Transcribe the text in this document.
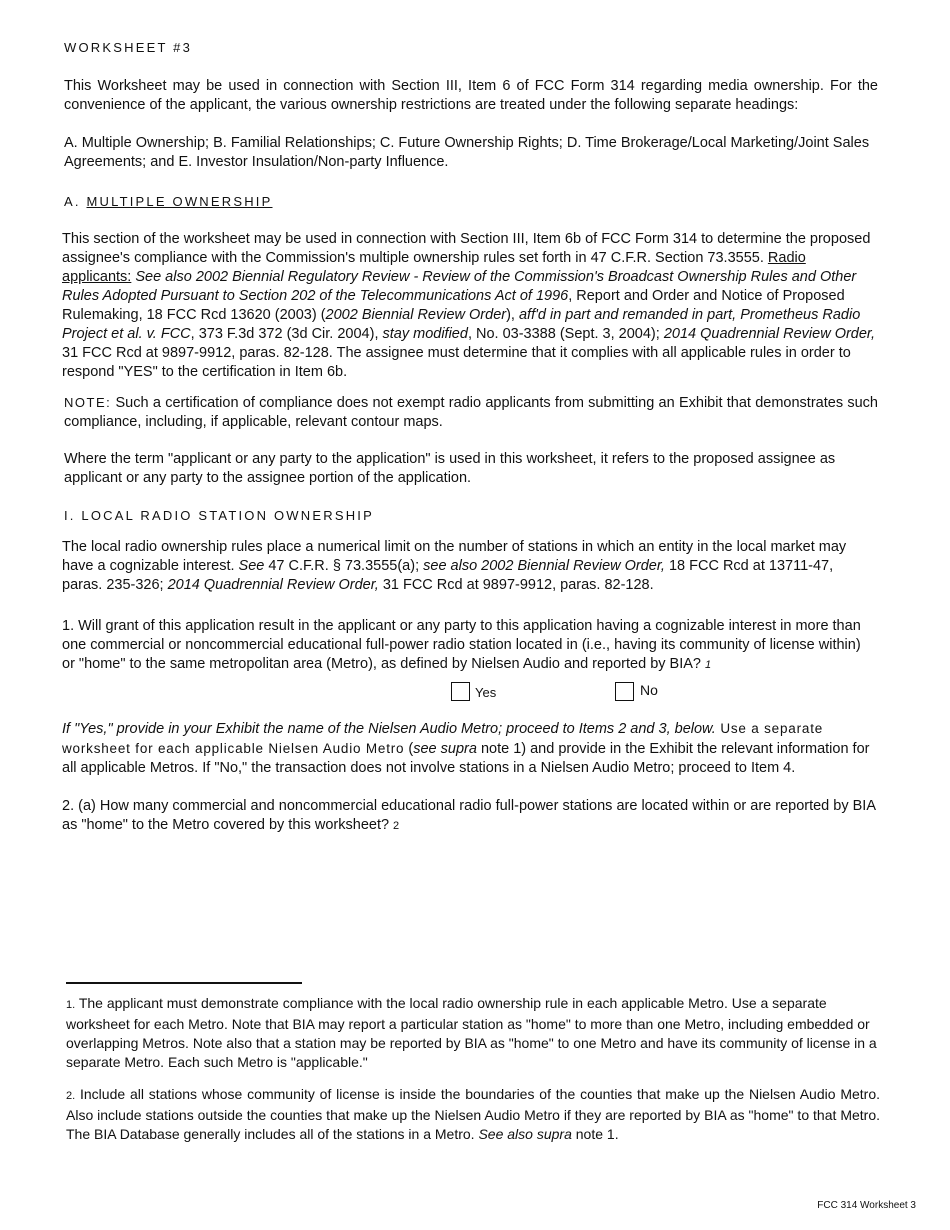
WORKSHEET #3
This Worksheet may be used in connection with Section III, Item 6 of FCC Form 314 regarding media ownership. For the convenience of the applicant, the various ownership restrictions are treated under the following separate headings:
A. Multiple Ownership; B. Familial Relationships; C. Future Ownership Rights; D. Time Brokerage/Local Marketing/Joint Sales Agreements; and E. Investor Insulation/Non-party Influence.
A. MULTIPLE OWNERSHIP
This section of the worksheet may be used in connection with Section III, Item 6b of FCC Form 314 to determine the proposed assignee's compliance with the Commission's multiple ownership rules set forth in 47 C.F.R. Section 73.3555. Radio applicants: See also 2002 Biennial Regulatory Review - Review of the Commission's Broadcast Ownership Rules and Other Rules Adopted Pursuant to Section 202 of the Telecommunications Act of 1996, Report and Order and Notice of Proposed Rulemaking, 18 FCC Rcd 13620 (2003) (2002 Biennial Review Order), aff'd in part and remanded in part, Prometheus Radio Project et al. v. FCC, 373 F.3d 372 (3d Cir. 2004), stay modified, No. 03-3388 (Sept. 3, 2004); 2014 Quadrennial Review Order, 31 FCC Rcd at 9897-9912, paras. 82-128. The assignee must determine that it complies with all applicable rules in order to respond "YES" to the certification in Item 6b.
NOTE: Such a certification of compliance does not exempt radio applicants from submitting an Exhibit that demonstrates such compliance, including, if applicable, relevant contour maps.
Where the term "applicant or any party to the application" is used in this worksheet, it refers to the proposed assignee as applicant or any party to the assignee portion of the application.
I. LOCAL RADIO STATION OWNERSHIP
The local radio ownership rules place a numerical limit on the number of stations in which an entity in the local market may have a cognizable interest. See 47 C.F.R. § 73.3555(a); see also 2002 Biennial Review Order, 18 FCC Rcd at 13711-47, paras. 235-326; 2014 Quadrennial Review Order, 31 FCC Rcd at 9897-9912, paras. 82-128.
1. Will grant of this application result in the applicant or any party to this application having a cognizable interest in more than one commercial or noncommercial educational full-power radio station located in (i.e., having its community of license within) or "home" to the same metropolitan area (Metro), as defined by Nielsen Audio and reported by BIA? 1
Yes	No
If "Yes," provide in your Exhibit the name of the Nielsen Audio Metro; proceed to Items 2 and 3, below. Use a separate worksheet for each applicable Nielsen Audio Metro (see supra note 1) and provide in the Exhibit the relevant information for all applicable Metros. If "No," the transaction does not involve stations in a Nielsen Audio Metro; proceed to Item 4.
2. (a) How many commercial and noncommercial educational radio full-power stations are located within or are reported by BIA as "home" to the Metro covered by this worksheet? 2
1. The applicant must demonstrate compliance with the local radio ownership rule in each applicable Metro. Use a separate worksheet for each Metro. Note that BIA may report a particular station as "home" to more than one Metro, including embedded or overlapping Metros. Note also that a station may be reported by BIA as "home" to one Metro and have its community of license in a separate Metro. Each such Metro is "applicable."
2. Include all stations whose community of license is inside the boundaries of the counties that make up the Nielsen Audio Metro. Also include stations outside the counties that make up the Nielsen Audio Metro if they are reported by BIA as "home" to that Metro. The BIA Database generally includes all of the stations in a Metro. See also supra note 1.
FCC 314 Worksheet 3
